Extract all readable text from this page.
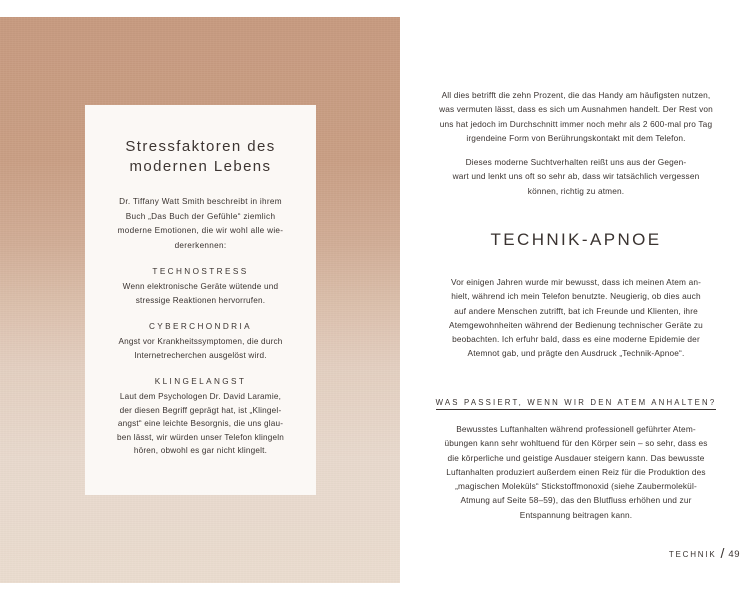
Stressfaktoren des
modernen Lebens
Dr. Tiffany Watt Smith beschreibt in ihrem
Buch „Das Buch der Gefühle“ ziemlich
moderne Emotionen, die wir wohl alle wie-
dererkennen:
TECHNOSTRESS
Wenn elektronische Geräte wütende und
stressige Reaktionen hervorrufen.
CYBERCHONDRIA
Angst vor Krankheitssymptomen, die durch
Internetrecherchen ausgelöst wird.
KLINGELANGST
Laut dem Psychologen Dr. David Laramie,
der diesen Begriff geprägt hat, ist „Klingel-
angst“ eine leichte Besorgnis, die uns glau-
ben lässt, wir würden unser Telefon klingeln
hören, obwohl es gar nicht klingelt.
All dies betrifft die zehn Prozent, die das Handy am häufigsten nutzen,
was vermuten lässt, dass es sich um Ausnahmen handelt. Der Rest von
uns hat jedoch im Durchschnitt immer noch mehr als 2 600-mal pro Tag
irgendeine Form von Berührungskontakt mit dem Telefon.
Dieses moderne Suchtverhalten reißt uns aus der Gegen-
wart und lenkt uns oft so sehr ab, dass wir tatsächlich vergessen
können, richtig zu atmen.
TECHNIK-APNOE
Vor einigen Jahren wurde mir bewusst, dass ich meinen Atem an-
hielt, während ich mein Telefon benutzte. Neugierig, ob dies auch
auf andere Menschen zutrifft, bat ich Freunde und Klienten, ihre
Atemgewohnheiten während der Bedienung technischer Geräte zu
beobachten. Ich erfuhr bald, dass es eine moderne Epidemie der
Atemnot gab, und prägte den Ausdruck „Technik-Apnoe“.
WAS PASSIERT, WENN WIR DEN ATEM ANHALTEN?
Bewusstes Luftanhalten während professionell geführter Atem-
übungen kann sehr wohltuend für den Körper sein – so sehr, dass es
die körperliche und geistige Ausdauer steigern kann. Das bewusste
Luftanhalten produziert außerdem einen Reiz für die Produktion des
„magischen Moleküls“ Stickstoffmonoxid (siehe Zaubermolekül-
Atmung auf Seite 58–59), das den Blutfluss erhöhen und zur
Entspannung beitragen kann.
TECHNIK / 49
